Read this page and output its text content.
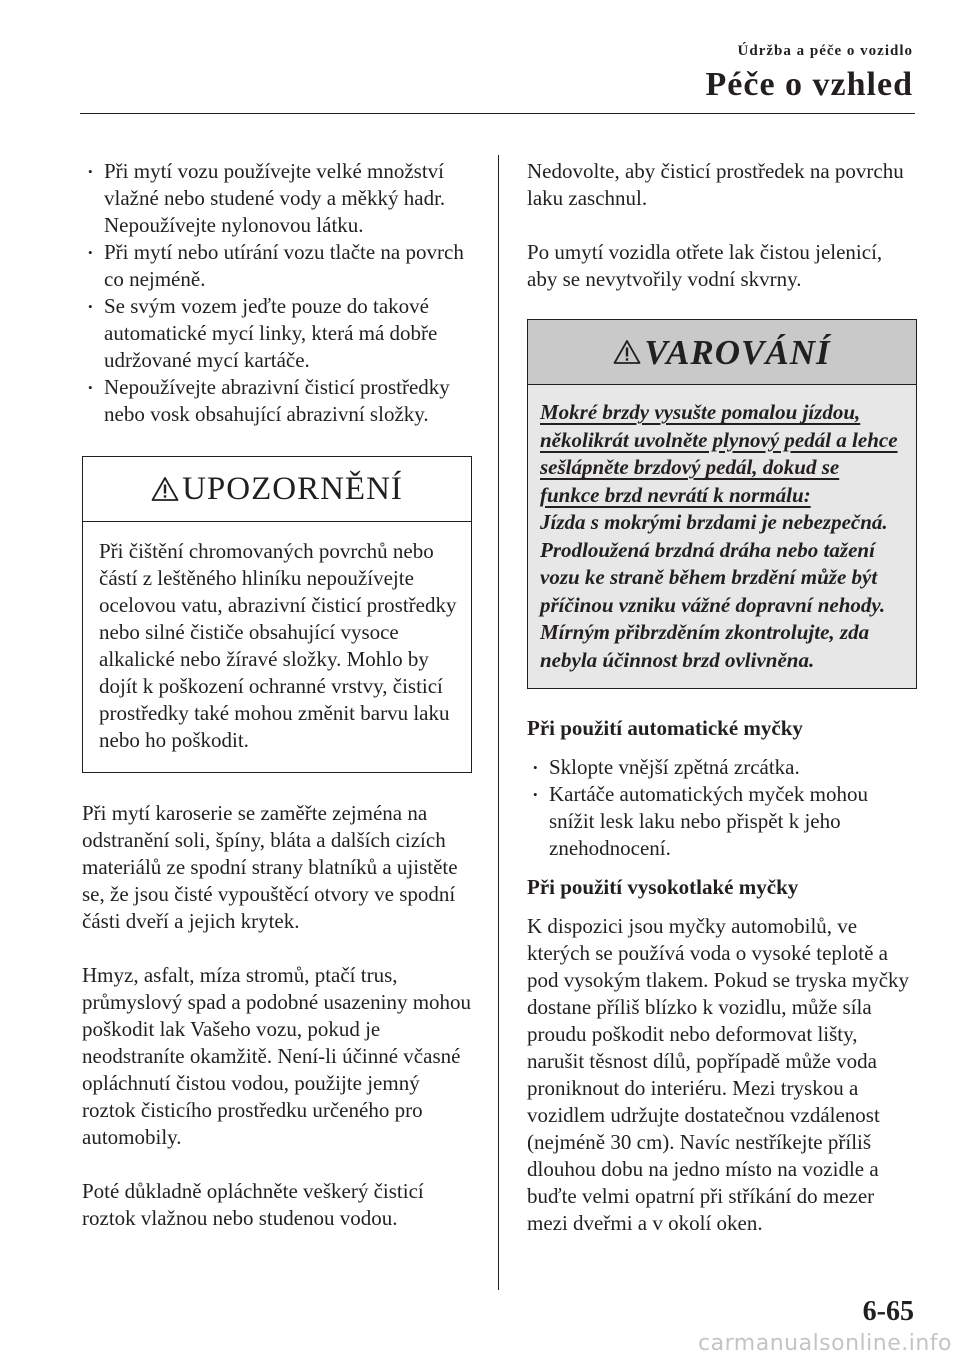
Údržba a péče o vozidlo
Péče o vzhled
• Při mytí vozu používejte velké množství vlažné nebo studené vody a měkký hadr. Nepoužívejte nylonovou látku.
• Při mytí nebo utírání vozu tlačte na povrch co nejméně.
• Se svým vozem jeďte pouze do takové automatické mycí linky, která má dobře udržované mycí kartáče.
• Nepoužívejte abrazivní čisticí prostředky nebo vosk obsahující abrazivní složky.
UPOZORNĚNÍ
Při čištění chromovaných povrchů nebo částí z leštěného hliníku nepoužívejte ocelovou vatu, abrazivní čisticí prostředky nebo silné čističe obsahující vysoce alkalické nebo žíravé složky. Mohlo by dojít k poškození ochranné vrstvy, čisticí prostředky také mohou změnit barvu laku nebo ho poškodit.

Při mytí karoserie se zaměřte zejména na odstranění soli, špíny, bláta a dalších cizích materiálů ze spodní strany blatníků a ujistěte se, že jsou čisté vypouštěcí otvory ve spodní části dveří a jejich krytek.

Hmyz, asfalt, míza stromů, ptačí trus, průmyslový spad a podobné usazeniny mohou poškodit lak Vašeho vozu, pokud je neodstraníte okamžitě. Není-li účinné včasné opláchnutí čistou vodou, použijte jemný roztok čisticího prostředku určeného pro automobily.

Poté důkladně opláchněte veškerý čisticí roztok vlažnou nebo studenou vodou.

Nedovolte, aby čisticí prostředek na povrchu laku zaschnul.

Po umytí vozidla otřete lak čistou jelenicí, aby se nevytvořily vodní skvrny.

VAROVÁNÍ
Mokré brzdy vysušte pomalou jízdou, několikrát uvolněte plynový pedál a lehce sešlápněte brzdový pedál, dokud se funkce brzd nevrátí k normálu:
Jízda s mokrými brzdami je nebezpečná. Prodloužená brzdná dráha nebo tažení vozu ke straně během brzdění může být příčinou vzniku vážné dopravní nehody. Mírným přibrzděním zkontrolujte, zda nebyla účinnost brzd ovlivněna.

Při použití automatické myčky

• Sklopte vnější zpětná zrcátka.
• Kartáče automatických myček mohou snížit lesk laku nebo přispět k jeho znehodnocení.

Při použití vysokotlaké myčky

K dispozici jsou myčky automobilů, ve kterých se používá voda o vysoké teplotě a pod vysokým tlakem. Pokud se tryska myčky dostane příliš blízko k vozidlu, může síla proudu poškodit nebo deformovat lišty, narušit těsnost dílů, popřípadě může voda proniknout do interiéru. Mezi tryskou a vozidlem udržujte dostatečnou vzdálenost (nejméně 30 cm). Navíc nestříkejte příliš dlouhou dobu na jedno místo na vozidle a buďte velmi opatrní při stříkání do mezer mezi dveřmi a v okolí oken.

6-65
carmanualsonline.info
